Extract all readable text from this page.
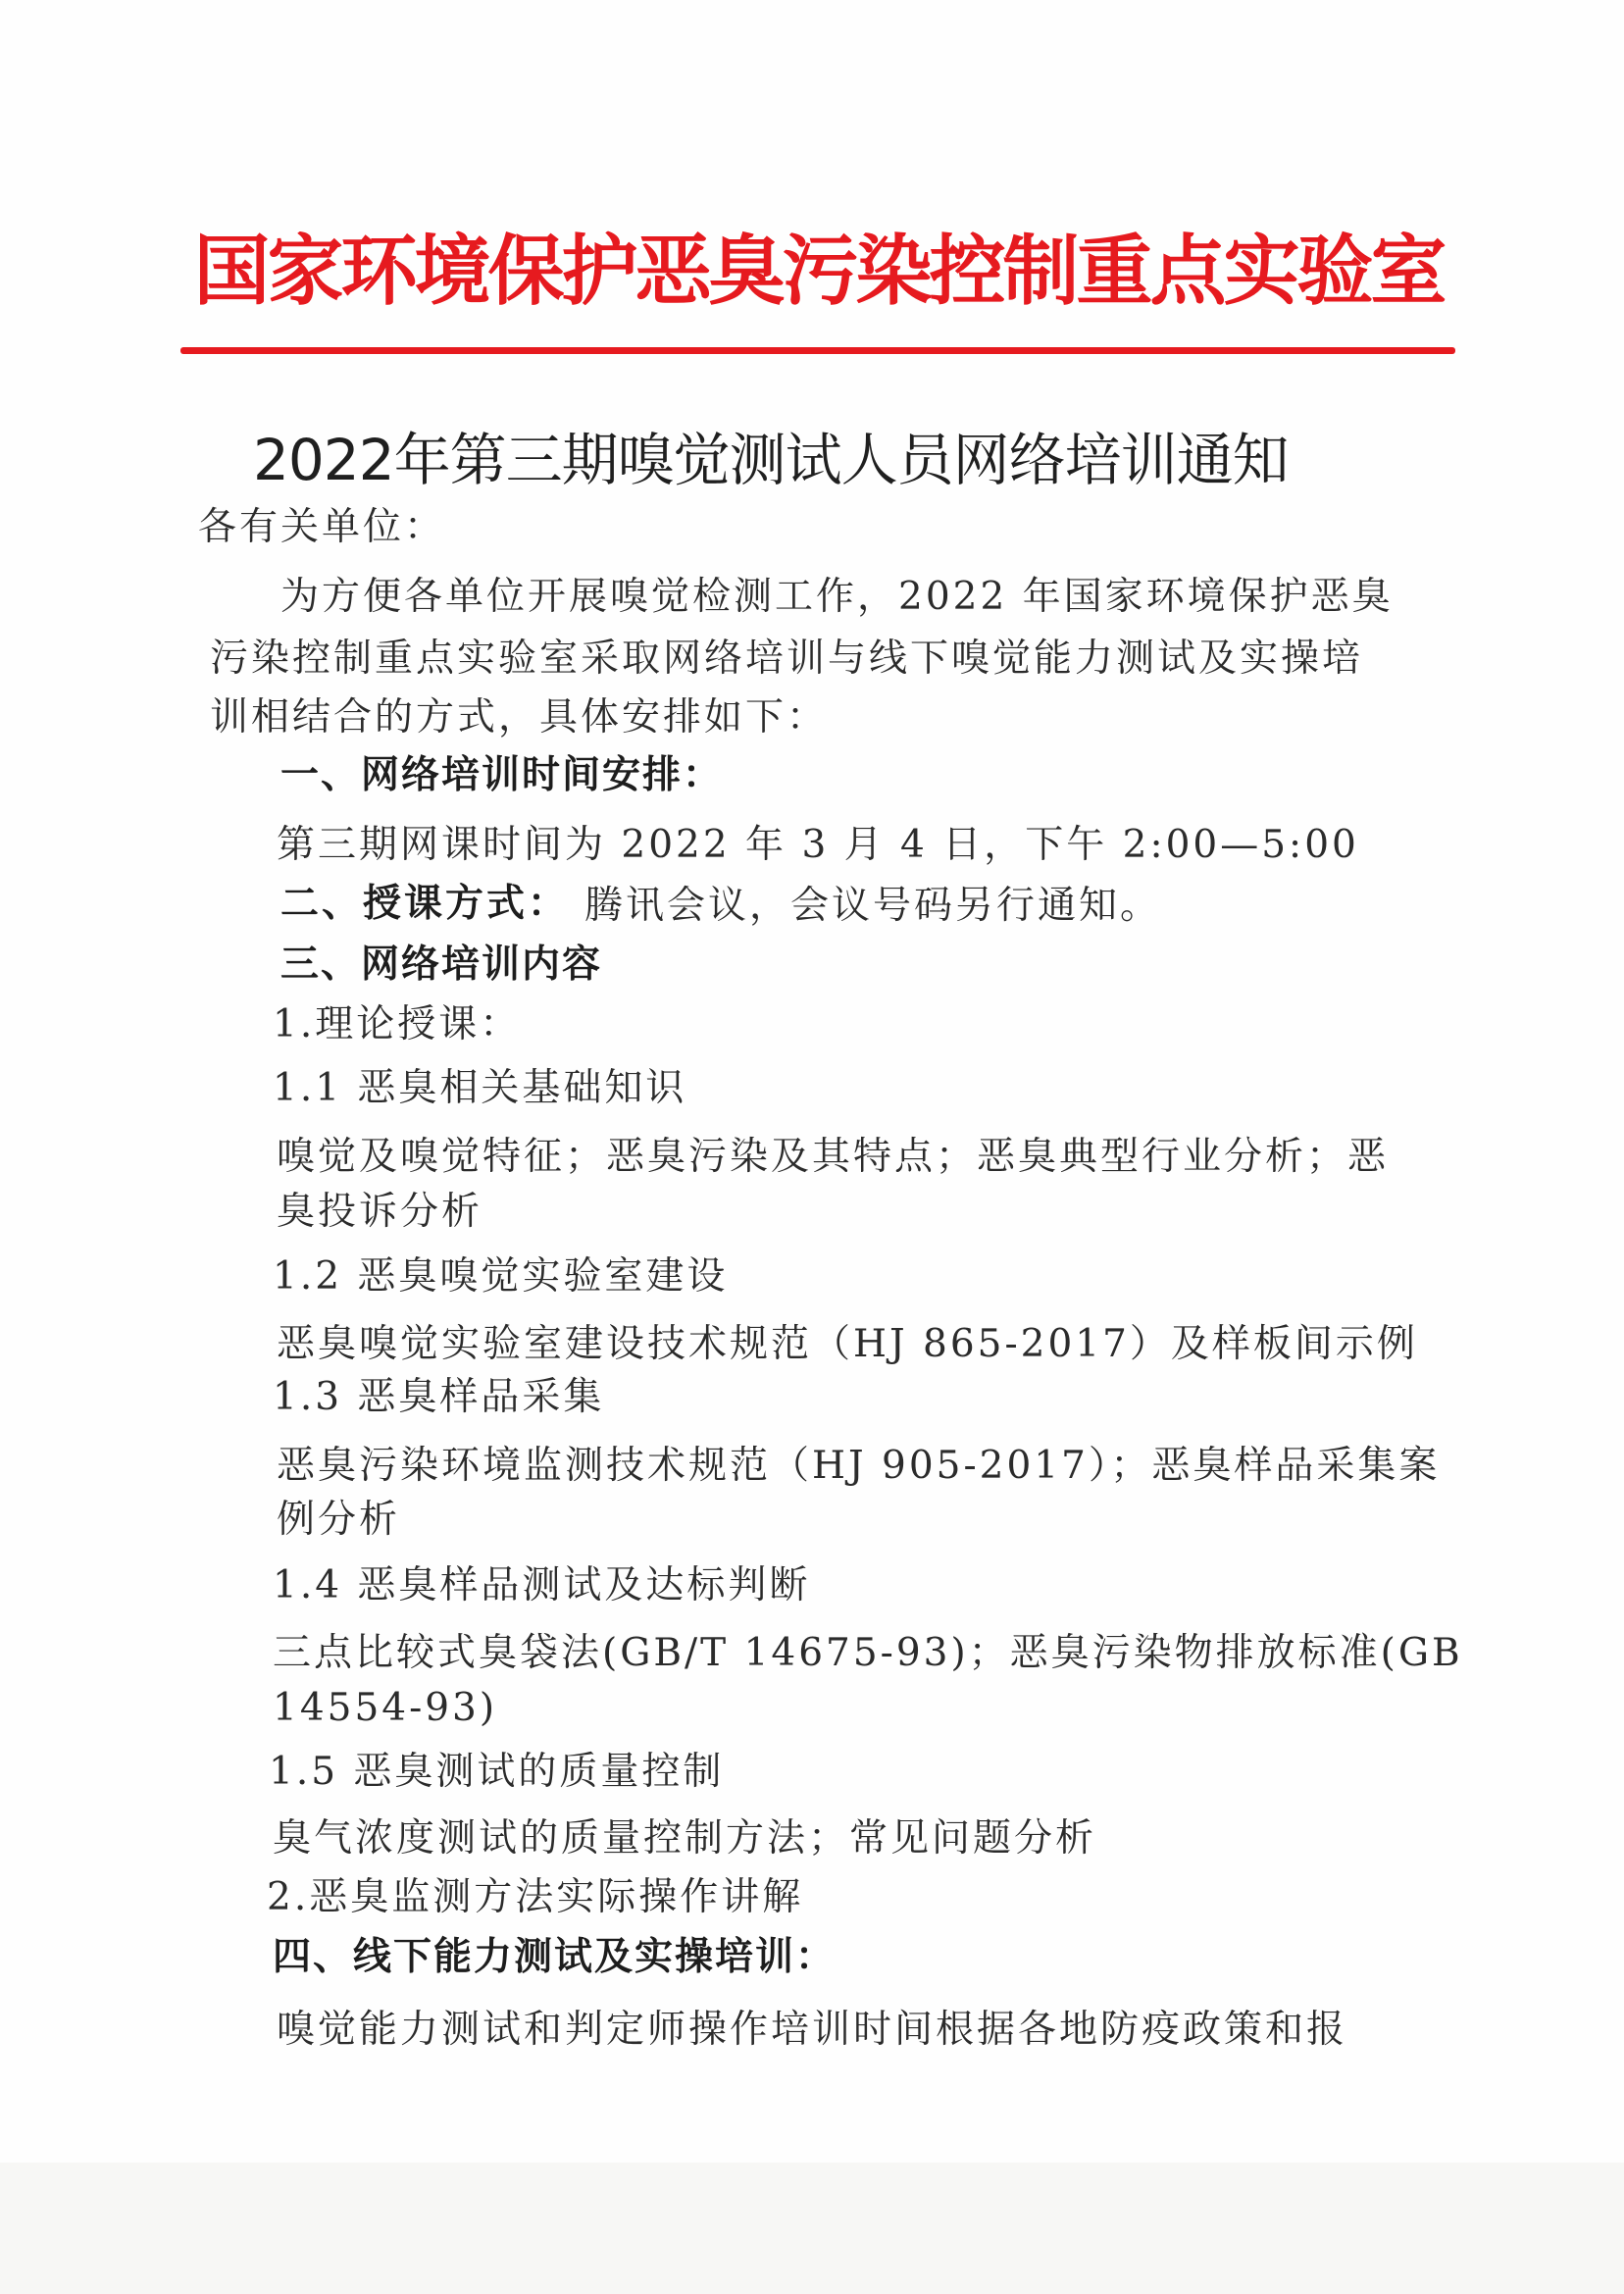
国家环境保护恶臭污染控制重点实验室
2022年第三期嗅觉测试人员网络培训通知
各有关单位：
为方便各单位开展嗅觉检测工作，2022 年国家环境保护恶臭
污染控制重点实验室采取网络培训与线下嗅觉能力测试及实操培
训相结合的方式，具体安排如下：
一、网络培训时间安排：
第三期网课时间为 2022 年 3 月 4 日，下午 2:00—5:00
二、授课方式： 腾讯会议，会议号码另行通知。
三、网络培训内容
1.理论授课：
1.1 恶臭相关基础知识
嗅觉及嗅觉特征；恶臭污染及其特点；恶臭典型行业分析；恶
臭投诉分析
1.2 恶臭嗅觉实验室建设
恶臭嗅觉实验室建设技术规范（HJ 865-2017）及样板间示例
1.3 恶臭样品采集
恶臭污染环境监测技术规范（HJ 905-2017）；恶臭样品采集案
例分析
1.4 恶臭样品测试及达标判断
三点比较式臭袋法(GB/T 14675-93)；恶臭污染物排放标准(GB
14554-93)
1.5 恶臭测试的质量控制
臭气浓度测试的质量控制方法；常见问题分析
2.恶臭监测方法实际操作讲解
四、线下能力测试及实操培训：
嗅觉能力测试和判定师操作培训时间根据各地防疫政策和报
